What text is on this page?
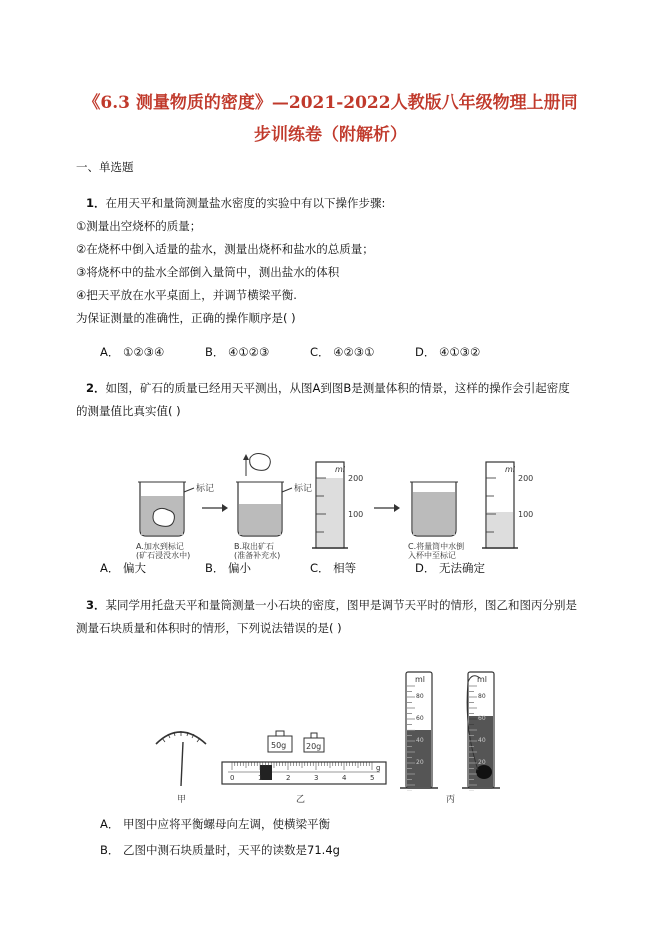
《6.3 测量物质的密度》—2021-2022人教版八年级物理上册同
步训练卷（附解析）
一、单选题
1．在用天平和量筒测量盐水密度的实验中有以下操作步骤:
①测量出空烧杯的质量；
②在烧杯中倒入适量的盐水，测量出烧杯和盐水的总质量；
③将烧杯中的盐水全部倒入量筒中，测出盐水的体积
④把天平放在水平桌面上，并调节横梁平衡.
为保证测量的准确性，正确的操作顺序是( )
A． ①②③④	B． ④①②③	C． ④②③①	D． ④①③②
2．如图，矿石的质量已经用天平测出，从图A到图B是测量体积的情景，这样的操作会引起密度
的测量值比真实值( )
标记
A.加水到标记
(矿石浸没水中)
标记
B.取出矿石
(准备补充水)
ml
200
100
C.将量筒中水倒
入杯中至标记
ml
200
100
A． 偏大	B． 偏小	C． 相等	D． 无法确定
3．某同学用托盘天平和量筒测量一小石块的密度，图甲是调节天平时的情形，图乙和图丙分别是
测量石块质量和体积时的情形，下列说法错误的是( )
甲
50g 20g
0	1	2	3	4	5
g
乙
ml	ml
80
60
40
20
80
60
40
20
丙
A． 甲图中应将平衡螺母向左调，使横梁平衡
B． 乙图中测石块质量时，天平的读数是71.4g
